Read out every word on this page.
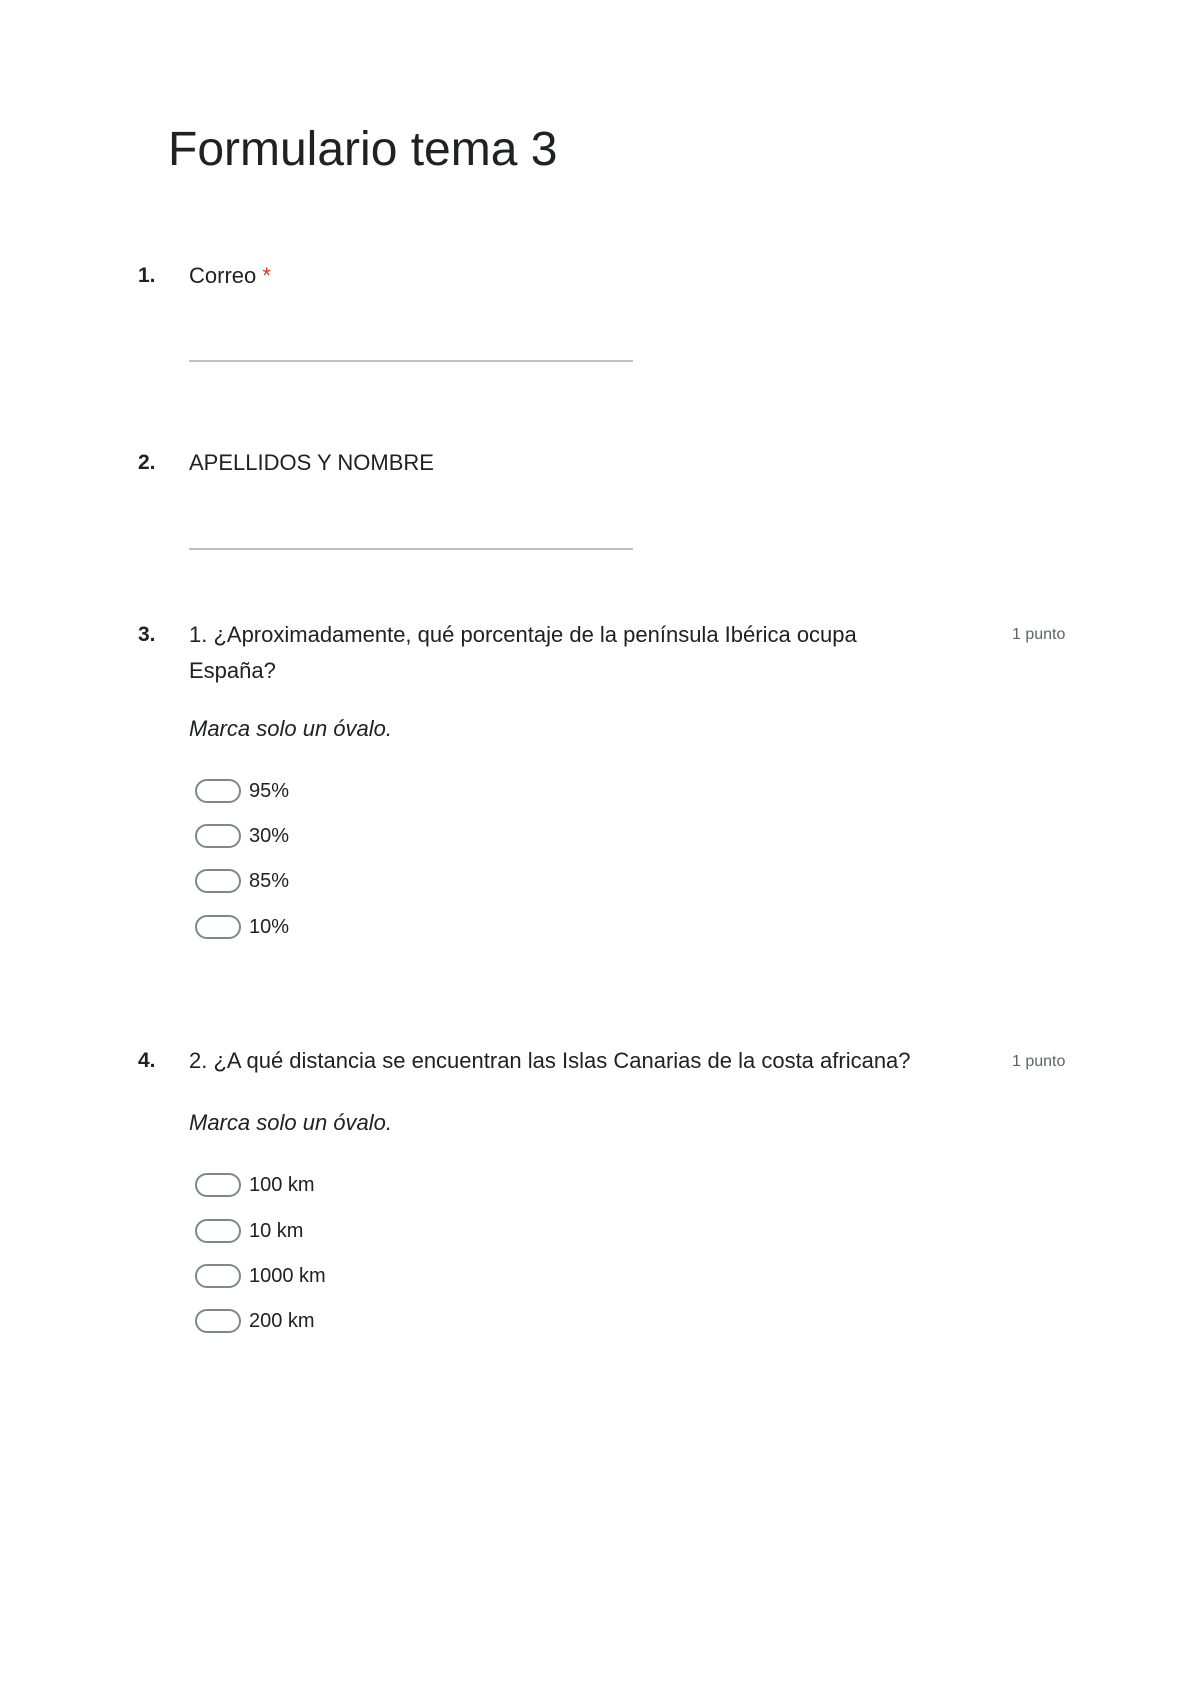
Formulario tema 3
1. Correo *
2. APELLIDOS Y NOMBRE
3. 1. ¿Aproximadamente, qué porcentaje de la península Ibérica ocupa
España?
1 punto
Marca solo un óvalo.
95%
30%
85%
10%
4. 2. ¿A qué distancia se encuentran las Islas Canarias de la costa africana?	1 punto
Marca solo un óvalo.
100 km
10 km
1000 km
200 km
